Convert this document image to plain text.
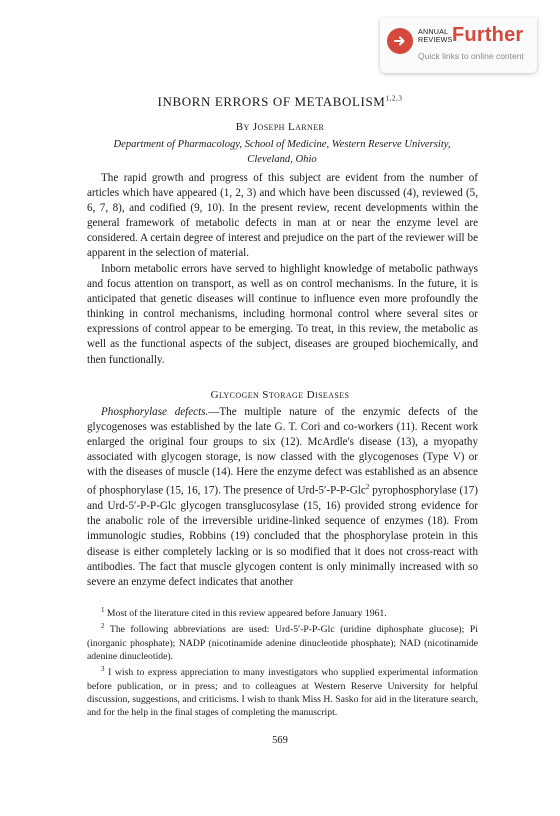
ANNUAL
REVIEWS Further
Quick links to online content
INBORN ERRORS OF METABOLISM$^{1,2,3}$
By Joseph Larner
Department of Pharmacology, School of Medicine, Western Reserve University,
Cleveland, Ohio

The rapid growth and progress of this subject are evident from the number of articles which have appeared (1, 2, 3) and which have been discussed (4), reviewed (5, 6, 7, 8), and codified (9, 10). In the present review, recent developments within the general framework of metabolic defects in man at or near the enzyme level are considered. A certain degree of interest and prejudice on the part of the reviewer will be apparent in the selection of material.

Inborn metabolic errors have served to highlight knowledge of metabolic pathways and focus attention on transport, as well as on control mechanisms. In the future, it is anticipated that genetic diseases will continue to influence even more profoundly the thinking in control mechanisms, including hormonal control where several sites or expressions of control appear to be emerging. To treat, in this review, the metabolic as well as the functional aspects of the subject, diseases are grouped biochemically, and then functionally.

Glycogen Storage Diseases

Phosphorylase defects.—The multiple nature of the enzymic defects of the glycogenoses was established by the late G. T. Cori and co-workers (11). Recent work enlarged the original four groups to six (12). McArdle's disease (13), a myopathy associated with glycogen storage, is now classed with the glycogenoses (Type V) or with the diseases of muscle (14). Here the enzyme defect was established as an absence of phosphorylase (15, 16, 17). The presence of Urd-5′-P-P-Glc$^2$ pyrophosphorylase (17) and Urd-5′-P-P-Glc glycogen transglucosylase (15, 16) provided strong evidence for the anabolic role of the irreversible uridine-linked sequence of enzymes (18). From immunologic studies, Robbins (19) concluded that the phosphorylase protein in this disease is either completely lacking or is so modified that it does not cross-react with antibodies. The fact that muscle glycogen content is only minimally increased with so severe an enzyme defect indicates that another

$^1$ Most of the literature cited in this review appeared before January 1961.

$^2$ The following abbreviations are used: Urd-5′-P-P-Glc (uridine diphosphate glucose); Pi (inorganic phosphate); NADP (nicotinamide adenine dinucleotide phosphate); NAD (nicotinamide adenine dinucleotide).

$^3$ I wish to express appreciation to many investigators who supplied experimental information before publication, or in press; and to colleagues at Western Reserve University for helpful discussion, suggestions, and criticisms. I wish to thank Miss H. Sasko for aid in the literature search, and for the help in the final stages of completing the manuscript.

569
